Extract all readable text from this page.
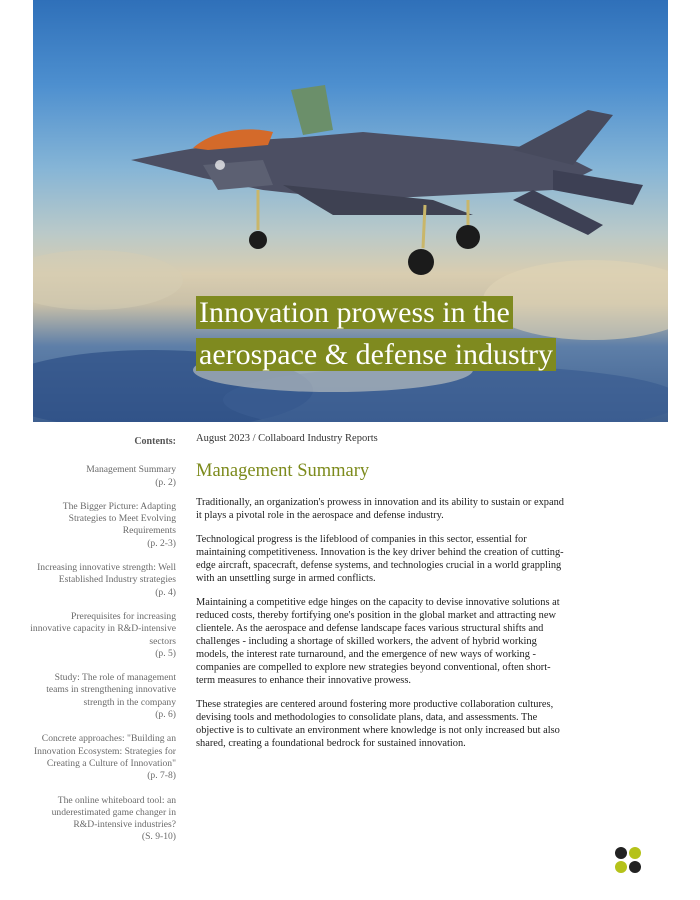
Innovation prowess in the
aerospace & defense industry
Contents:
Management Summary
(p. 2)
The Bigger Picture: Adapting Strategies to Meet Evolving Requirements
(p. 2-3)
Increasing innovative strength: Well Established Industry strategies
(p. 4)
Prerequisites for increasing innovative capacity in R&D-intensive sectors
(p. 5)
Study: The role of management teams in strengthening innovative strength in the company
(p. 6)
Concrete approaches: "Building an Innovation Ecosystem: Strategies for Creating a Culture of Innovation"
(p. 7-8)
The online whiteboard tool: an underestimated game changer in R&D-intensive industries?
(S. 9-10)
August 2023 / Collaboard Industry Reports
Management Summary

Traditionally, an organization's prowess in innovation and its ability to sustain or expand it plays a pivotal role in the aerospace and defense industry.

Technological progress is the lifeblood of companies in this sector, essential for maintaining competitiveness. Innovation is the key driver behind the creation of cutting-edge aircraft, spacecraft, defense systems, and technologies crucial in a world grappling with an unsettling surge in armed conflicts.

Maintaining a competitive edge hinges on the capacity to devise innovative solutions at reduced costs, thereby fortifying one's position in the global market and attracting new clientele. As the aerospace and defense landscape faces various structural shifts and challenges - including a shortage of skilled workers, the advent of hybrid working models, the interest rate turnaround, and the emergence of new ways of working - companies are compelled to explore new strategies beyond conventional, often short-term measures to enhance their innovative prowess.

These strategies are centered around fostering more productive collaboration cultures, devising tools and methodologies to consolidate plans, data, and assessments. The objective is to cultivate an environment where knowledge is not only increased but also shared, creating a foundational bedrock for sustained innovation.
